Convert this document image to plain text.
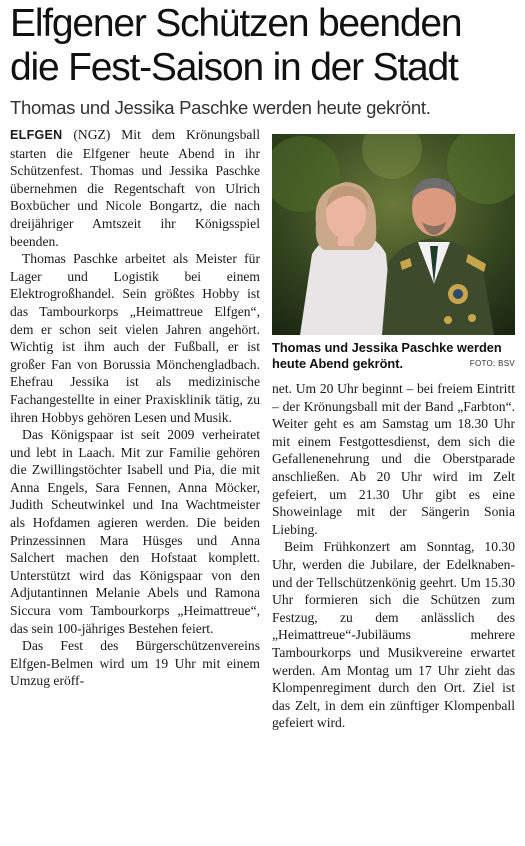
Elfgener Schützen beenden
die Fest-Saison in der Stadt
Thomas und Jessika Paschke werden heute gekrönt.

ELFGEN (NGZ) Mit dem Krönungsball starten die Elfgener heute Abend in ihr Schützenfest. Thomas und Jessika Paschke übernehmen die Regentschaft von Ulrich Boxbücher und Nicole Bongartz, die nach dreijähriger Amtszeit ihr Königsspiel beenden.

Thomas Paschke arbeitet als Meister für Lager und Logistik bei einem Elektrogroßhandel. Sein größtes Hobby ist das Tambourkorps „Heimattreue Elfgen“, dem er schon seit vielen Jahren angehört. Wichtig ist ihm auch der Fußball, er ist großer Fan von Borussia Mönchengladbach. Ehefrau Jessika ist als medizinische Fachangestellte in einer Praxisklinik tätig, zu ihren Hobbys gehören Lesen und Musik.

Das Königspaar ist seit 2009 verheiratet und lebt in Laach. Mit zur Familie gehören die Zwillingstöchter Isabell und Pia, die mit Anna Engels, Sara Fennen, Anna Möcker, Judith Scheutwinkel und Ina Wachtmeister als Hofdamen agieren werden. Die beiden Prinzessinnen Mara Hüsges und Anna Salchert machen den Hofstaat komplett. Unterstützt wird das Königspaar von den Adjutantinnen Melanie Abels und Ramona Siccura vom Tambourkorps „Heimattreue“, das sein 100-jähriges Bestehen feiert.

Das Fest des Bürgerschützenvereins Elfgen-Belmen wird um 19 Uhr mit einem Umzug eröff-

Thomas und Jessika Paschke werden heute Abend gekrönt.	FOTO: BSV

net. Um 20 Uhr beginnt – bei freiem Eintritt – der Krönungsball mit der Band „Farbton“. Weiter geht es am Samstag um 18.30 Uhr mit einem Festgottesdienst, dem sich die Gefallenenehrung und die Oberstparade anschließen. Ab 20 Uhr wird im Zelt gefeiert, um 21.30 Uhr gibt es eine Showeinlage mit der Sängerin Sonia Liebing.

Beim Frühkonzert am Sonntag, 10.30 Uhr, werden die Jubilare, der Edelknaben- und der Tellschützenkönig geehrt. Um 15.30 Uhr formieren sich die Schützen zum Festzug, zu dem anlässlich des „Heimattreue“-Jubiläums mehrere Tambourkorps und Musikvereine erwartet werden. Am Montag um 17 Uhr zieht das Klompenregiment durch den Ort. Ziel ist das Zelt, in dem ein zünftiger Klompenball gefeiert wird.
